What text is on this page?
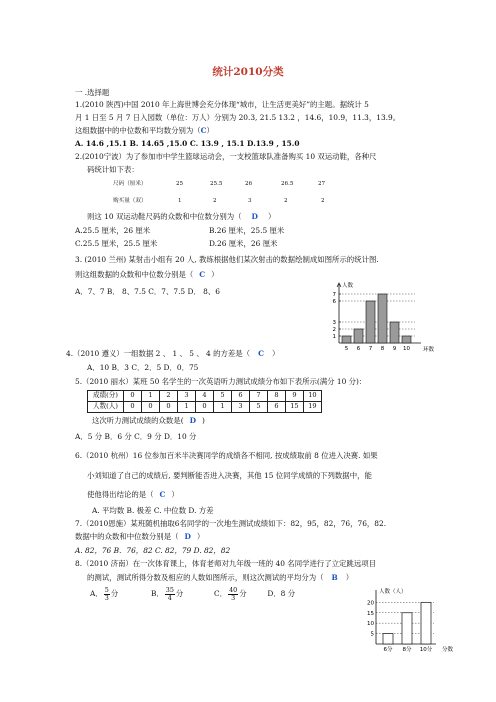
统计2010分类
一 .选择题
1.(2010 陕西)中国 2010 年上海世博会充分体现“城市，让生活更美好”的主题。据统计 5
月 1 日至 5 月 7 日入园数（单位：万人）分别为 20.3, 21.5 13.2 ，14.6，10.9，11.3，13.9。
这组数据中的中位数和平均数分别为（C）
A. 14.6 ,15.1 B. 14.65 ,15.0 C. 13.9 , 15.1 D.13.9 , 15.0
2.(2010宁波）为了参加市中学生篮球运动会，一支校篮球队准备购买 10 双运动鞋，各种尺
码统计如下表：
尺码（厘米）	25	25.5	26	26.5	27
购买量（双）	1	2	3	2	2
则这 10 双运动鞋尺码的众数和中位数分别为（ D ）
A.25.5 厘米，26 厘米	B.26 厘米，25.5 厘米
C.25.5 厘米，25.5 厘米	D.26 厘米，26 厘米
3. (2010 兰州) 某射击小组有 20 人, 教练根据他们某次射击的数据绘制成如图所示的统计图.
则这组数据的众数和中位数分别是（ C ）
A．7、7 B． 8、7.5 C．7、7.5 D． 8、6
人数
环数
1
2
3
6
7
5 6 7 8 9 10
4.（2010 遵义）一组数据 2 、 1 、 5 、 4 的方差是（ C ）
A．10 B．3 C．2．5 D．0．75
5.（2010 丽水）某班 50 名学生的一次英语听力测试成绩分布如下表所示(满分 10 分)：
成绩(分)	0	1	2	3	4	5	6	7	8	9	10
人数(人)	0	0	0	1	0	1	3	5	6	15	19
这次听力测试成绩的众数是( D )
A．5 分 B．6 分 C．9 分 D．10 分
6.（2010 杭州）16 位参加百米半决赛同学的成绩各不相同, 按成绩取前 8 位进入决赛. 如果
小刘知道了自己的成绩后, 要判断能否进入决赛，其他 15 位同学成绩的下列数据中，能
使他得出结论的是（ C ）
A. 平均数 B. 极差 C. 中位数 D. 方差
7.（2010恩施）某班随机抽取6名同学的一次地生测试成绩如下：82，95，82，76，76，82.
数据中的众数和中位数分别是（ D ）
A. 82，76 B．76，82 C. 82，79 D. 82，82
8.（2010 济南）在一次体育课上，体育老师对九年级一班的 40 名同学进行了立定跳远项目
的测试，测试所得分数及相应的人数如图所示，则这次测试的平均分为（ B ）
A． $\frac{5}{3}$ 分	B． $\frac{35}{4}$ 分	C． $\frac{40}{3}$ 分	D．8 分	人数（人）
分数
5
10
15
20
6分 8分 10分
